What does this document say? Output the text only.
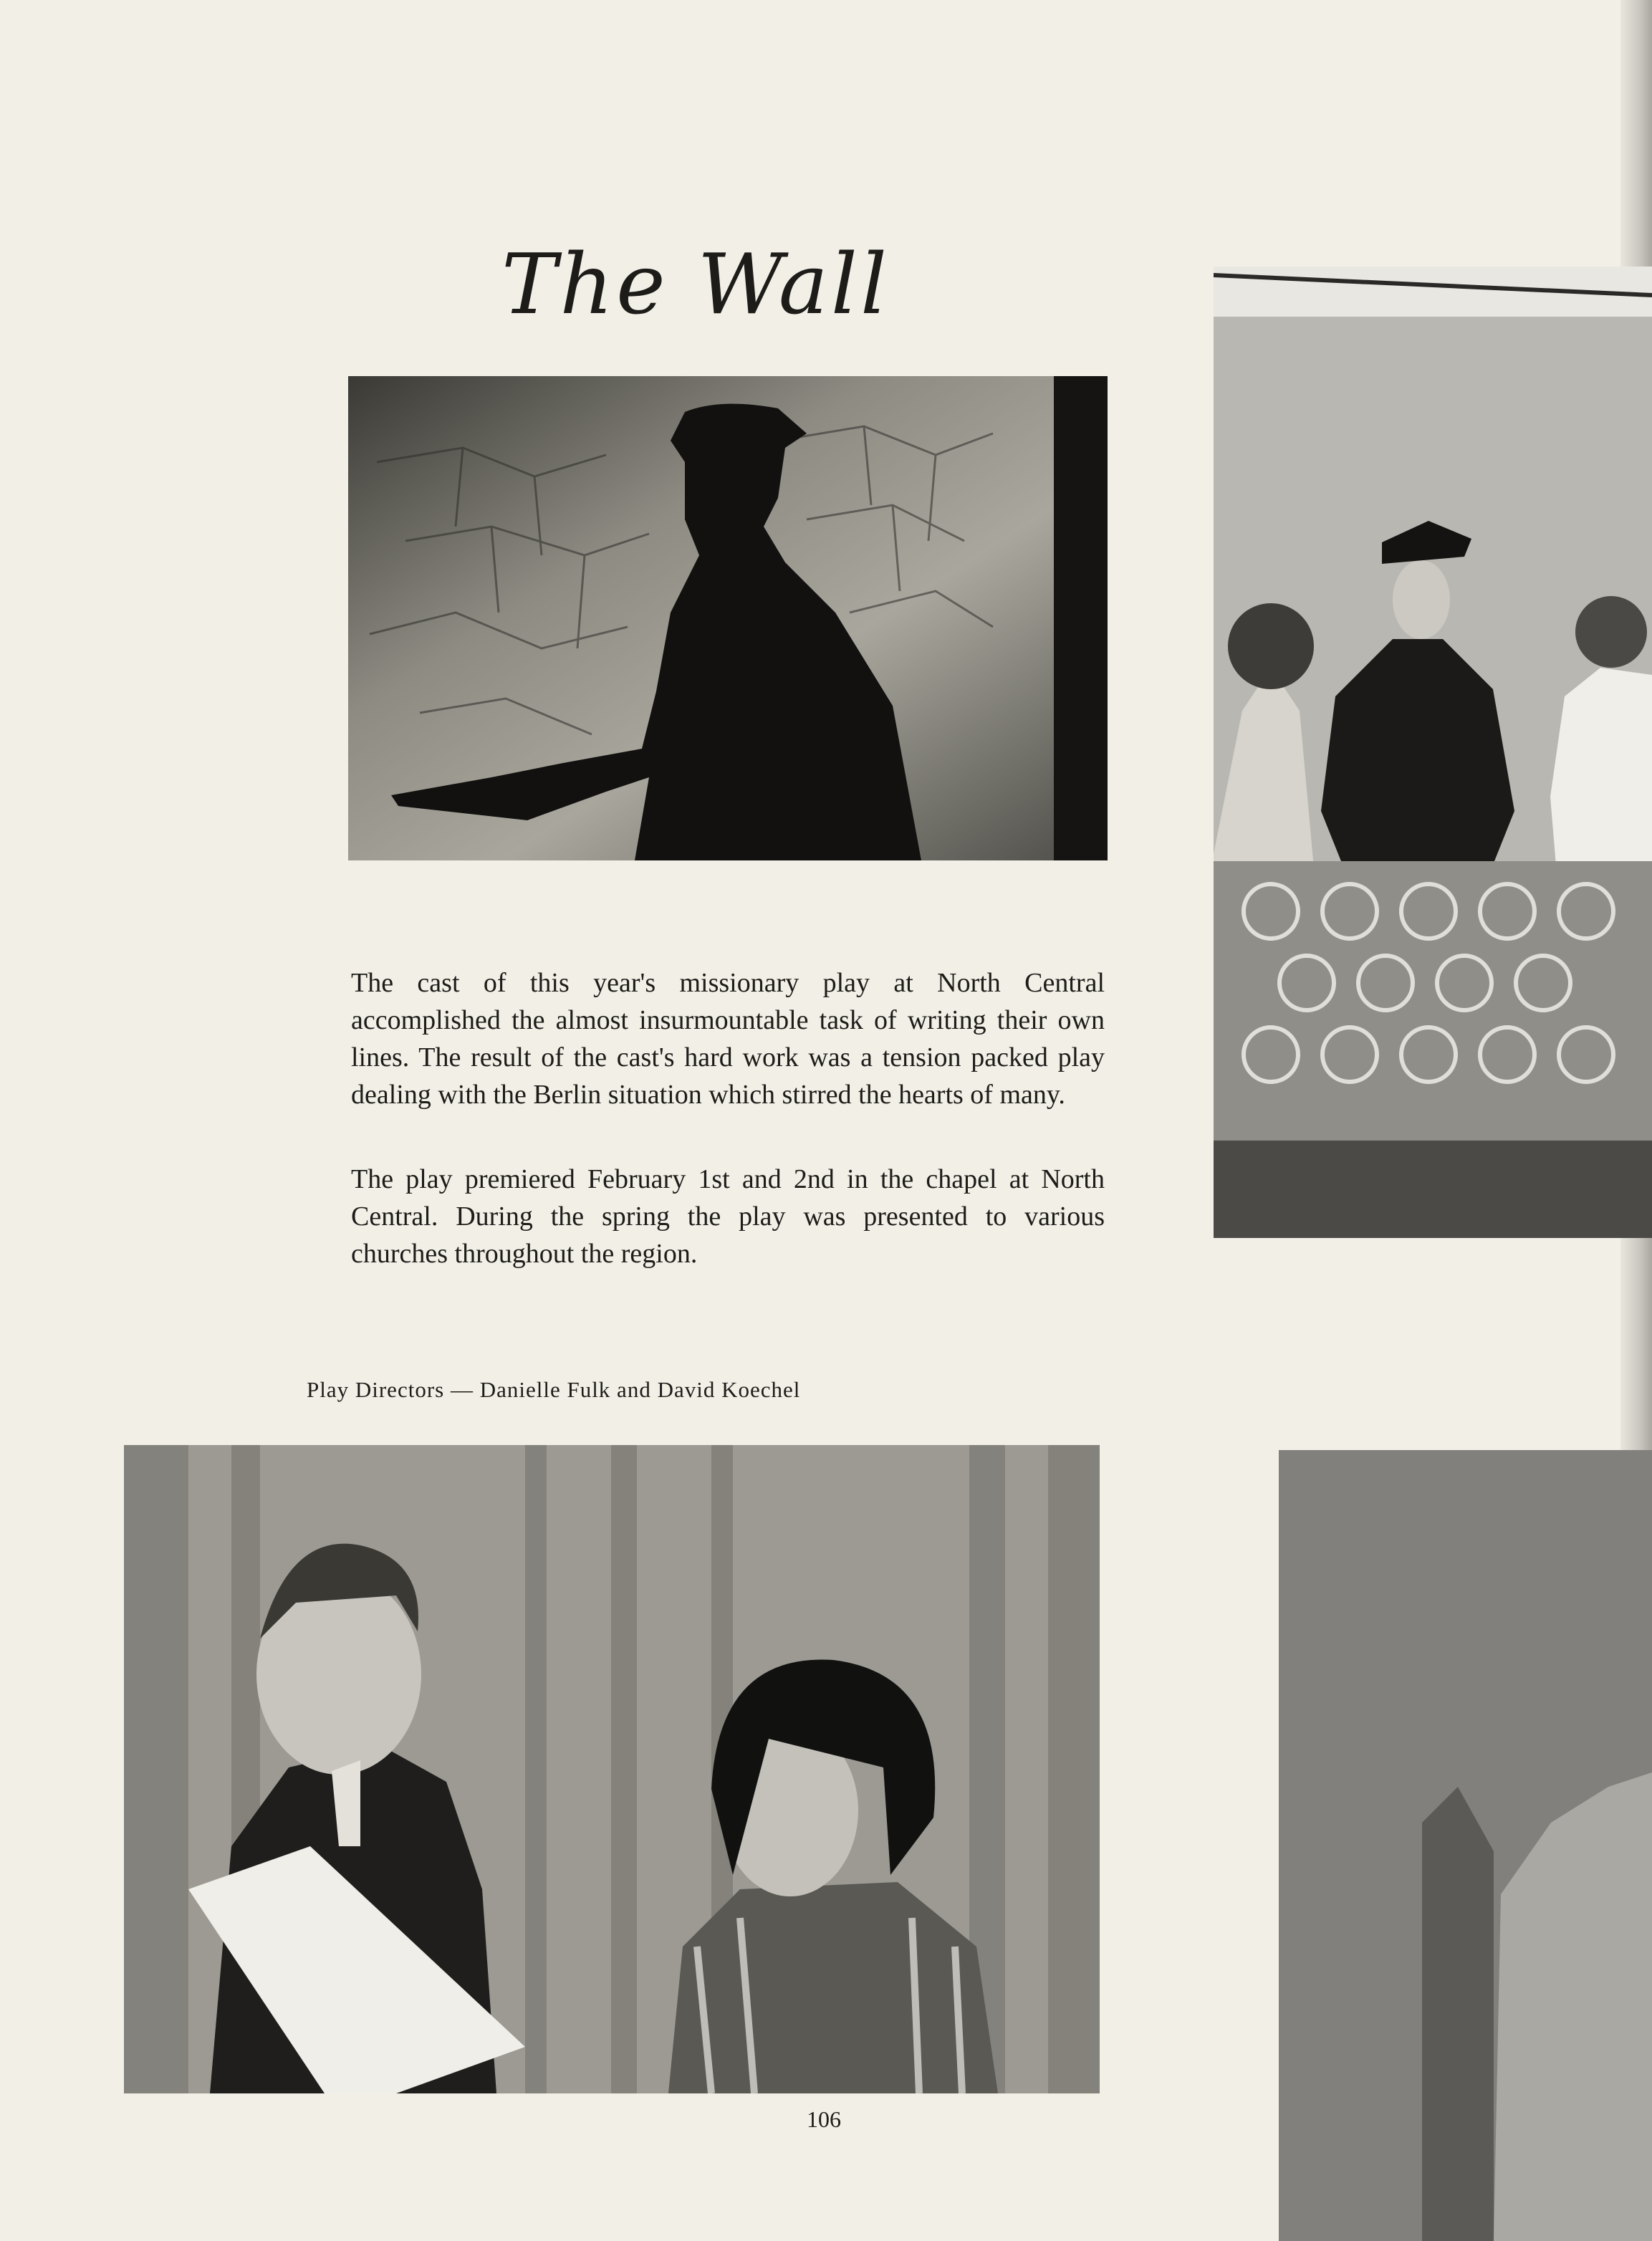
The Wall

The cast of this year's missionary play at North Central accomplished the almost insurmountable task of writing their own lines. The result of the cast's hard work was a tension packed play dealing with the Berlin situation which stirred the hearts of many.

The play premiered February 1st and 2nd in the chapel at North Central. During the spring the play was presented to various churches throughout the region.

Play Directors — Danielle Fulk and David Koechel

106
